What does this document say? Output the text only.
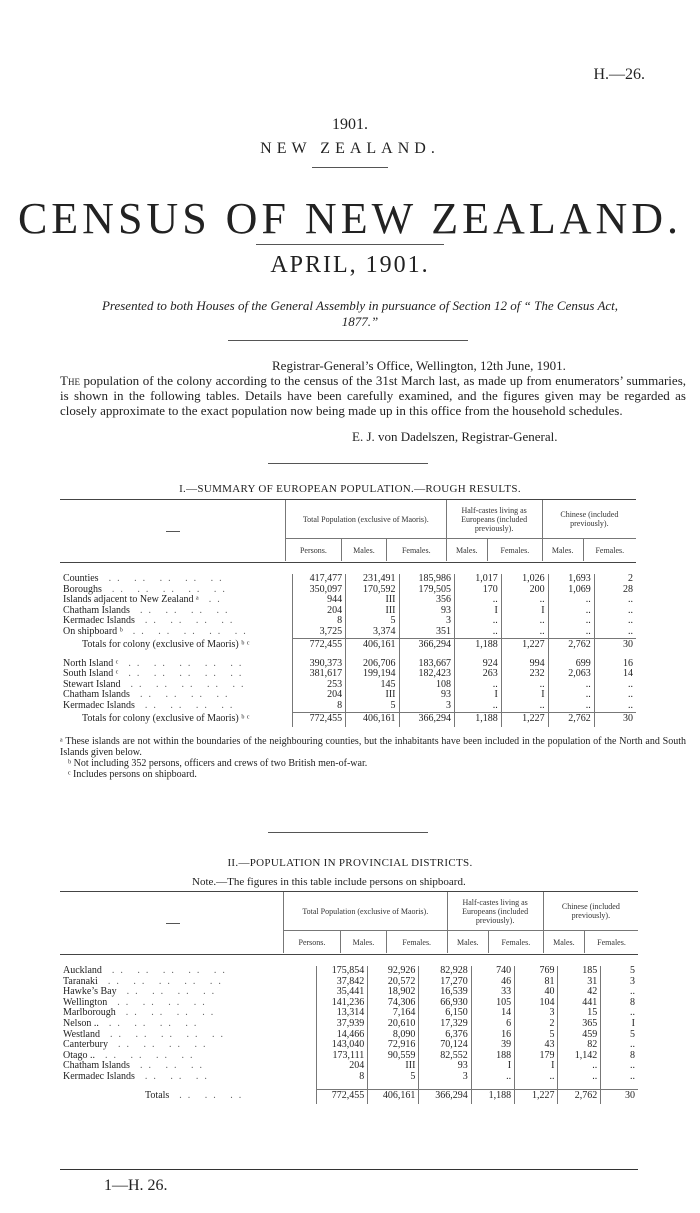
H.—26.
1901.
NEW ZEALAND.
CENSUS OF NEW ZEALAND.
APRIL, 1901.
Presented to both Houses of the General Assembly in pursuance of Section 12 of “ The Census Act, 1877.”
Registrar-General’s Office, Wellington, 12th June, 1901.
The population of the colony according to the census of the 31st March last, as made up from enumerators’ summaries, is shown in the following tables. Details have been carefully examined, and the figures given may be regarded as closely approximate to the exact population now being made up in this office from the household schedules.
E. J. von Dadelszen, Registrar-General.
I.—SUMMARY OF EUROPEAN POPULATION.—ROUGH RESULTS.
Total Population (exclusive of Maoris).			Half-castes living as Europeans (included previously).		Chinese (included previously).	
Persons.	Males.	Females.	Males.	Females.	Males.	Females.
Counties .. .. .. .. ..	417,477	231,491	185,986	1,017	1,026	1,693	2
Boroughs .. .. .. .. ..	350,097	170,592	179,505	170	200	1,069	28
Islands adjacent to New Zealand ᵃ ..	944	III	356	..	..	..	..
Chatham Islands .. .. .. ..	204	III	93	I	I	..	..
Kermadec Islands .. .. .. ..	8	5	3	..	..	..	..
On shipboard ᵇ .. .. .. .. ..	3,725	3,374	351	..	..	..	..
Totals for colony (exclusive of Maoris) ᵇ ᶜ	772,455	406,161	366,294	1,188	1,227	2,762	30

North Island ᶜ .. .. .. .. ..	390,373	206,706	183,667	924	994	699	16
South Island ᶜ .. .. .. .. ..	381,617	199,194	182,423	263	232	2,063	14
Stewart Island .. .. .. .. ..	253	145	108	..	..	..	..
Chatham Islands .. .. .. ..	204	III	93	I	I	..	..
Kermadec Islands .. .. .. ..	8	5	3	..	..	..	..
Totals for colony (exclusive of Maoris) ᵇ ᶜ	772,455	406,161	366,294	1,188	1,227	2,762	30
ᵃ These islands are not within the boundaries of the neighbouring counties, but the inhabitants have been included in the population of the North and South Islands given below.
ᵇ Not including 352 persons, officers and crews of two British men-of-war.
ᶜ Includes persons on shipboard.
II.—POPULATION IN PROVINCIAL DISTRICTS.
Note.—The figures in this table include persons on shipboard.
Total Population (exclusive of Maoris).			Half-castes living as Europeans (included previously).		Chinese (included previously).	
Persons.	Males.	Females.	Males.	Females.	Males.	Females.
Auckland .. .. .. .. ..	175,854	92,926	82,928	740	769	185	5
Taranaki .. .. .. .. ..	37,842	20,572	17,270	46	81	31	3
Hawke’s Bay .. .. .. ..	35,441	18,902	16,539	33	40	42	..
Wellington .. .. .. ..	141,236	74,306	66,930	105	104	441	8
Marlborough .. .. .. ..	13,314	7,164	6,150	14	3	15	..
Nelson .. .. .. .. ..	37,939	20,610	17,329	6	2	365	I
Westland .. .. .. .. ..	14,466	8,090	6,376	16	5	459	5
Canterbury .. .. .. ..	143,040	72,916	70,124	39	43	82	..
Otago .. .. .. .. ..	173,111	90,559	82,552	188	179	1,142	8
Chatham Islands .. .. ..	204	III	93	I	I	..	..
Kermadec Islands .. .. ..	8	5	3	..	..	..	..

Totals .. .. ..	772,455	406,161	366,294	1,188	1,227	2,762	30
1—H. 26.
